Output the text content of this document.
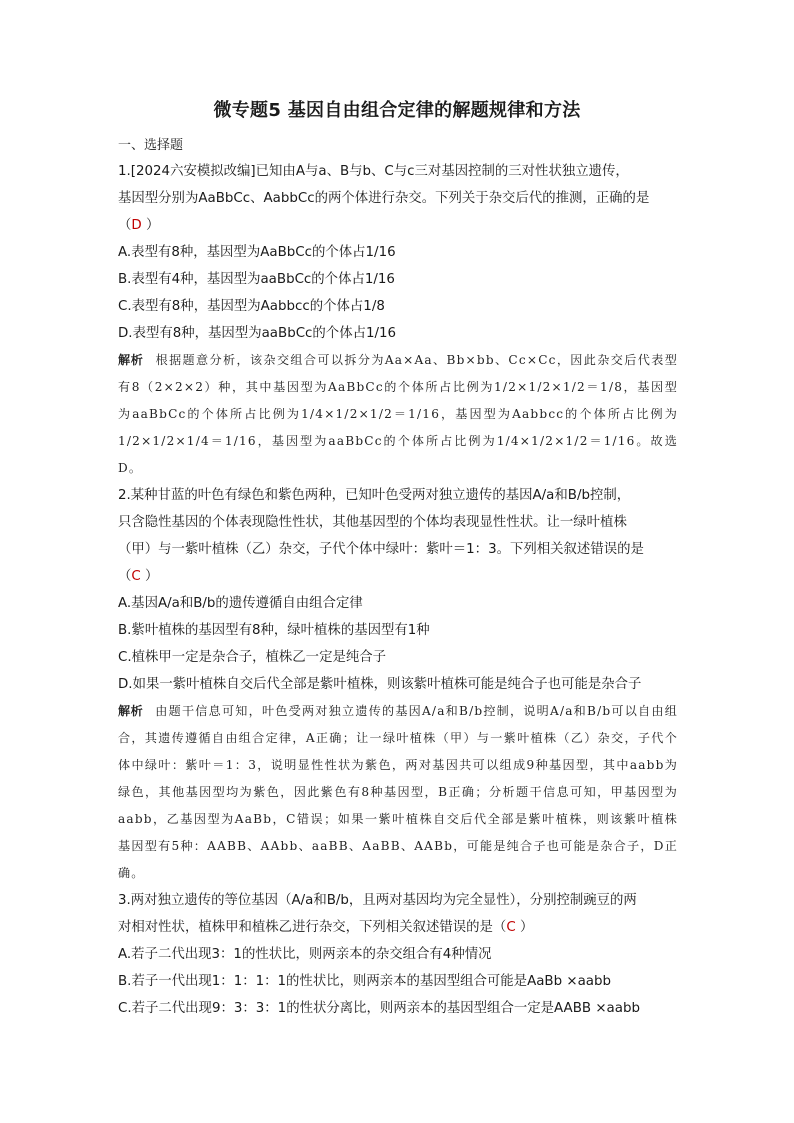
微专题5 基因自由组合定律的解题规律和方法
一、选择题

1.[2024六安模拟改编]已知由A与a、B与b、C与c三对基因控制的三对性状独立遗传，

基因型分别为AaBbCc、AabbCc的两个体进行杂交。下列关于杂交后代的推测，正确的是

（D ）

A.表型有8种，基因型为AaBbCc的个体占1/16

B.表型有4种，基因型为aaBbCc的个体占1/16

C.表型有8种，基因型为Aabbcc的个体占1/8

D.表型有8种，基因型为aaBbCc的个体占1/16

解析 根据题意分析，该杂交组合可以拆分为Aa×Aa、Bb×bb、Cc×Cc，因此杂交后代表型有8（2×2×2）种，其中基因型为AaBbCc的个体所占比例为1/2×1/2×1/2＝1/8，基因型为aaBbCc的个体所占比例为1/4×1/2×1/2＝1/16，基因型为Aabbcc的个体所占比例为1/2×1/2×1/4＝1/16，基因型为aaBbCc的个体所占比例为1/4×1/2×1/2＝1/16。故选D。

2.某种甘蓝的叶色有绿色和紫色两种，已知叶色受两对独立遗传的基因A/a和B/b控制，

只含隐性基因的个体表现隐性性状，其他基因型的个体均表现显性性状。让一绿叶植株

（甲）与一紫叶植株（乙）杂交，子代个体中绿叶：紫叶＝1：3。下列相关叙述错误的是

（C ）

A.基因A/a和B/b的遗传遵循自由组合定律

B.紫叶植株的基因型有8种，绿叶植株的基因型有1种

C.植株甲一定是杂合子，植株乙一定是纯合子

D.如果一紫叶植株自交后代全部是紫叶植株，则该紫叶植株可能是纯合子也可能是杂合子

解析 由题干信息可知，叶色受两对独立遗传的基因A/a和B/b控制，说明A/a和B/b可以自由组合，其遗传遵循自由组合定律，A正确；让一绿叶植株（甲）与一紫叶植株（乙）杂交，子代个体中绿叶：紫叶＝1：3，说明显性性状为紫色，两对基因共可以组成9种基因型，其中aabb为绿色，其他基因型均为紫色，因此紫色有8种基因型，B正确；分析题干信息可知，甲基因型为aabb，乙基因型为AaBb，C错误；如果一紫叶植株自交后代全部是紫叶植株，则该紫叶植株基因型有5种：AABB、AAbb、aaBB、AaBB、AABb，可能是纯合子也可能是杂合子，D正确。

3.两对独立遗传的等位基因（A/a和B/b，且两对基因均为完全显性），分别控制豌豆的两

对相对性状，植株甲和植株乙进行杂交，下列相关叙述错误的是（C ）

A.若子二代出现3：1的性状比，则两亲本的杂交组合有4种情况

B.若子一代出现1：1：1：1的性状比，则两亲本的基因型组合可能是AaBb ×aabb

C.若子二代出现9：3：3：1的性状分离比，则两亲本的基因型组合一定是AABB ×aabb
